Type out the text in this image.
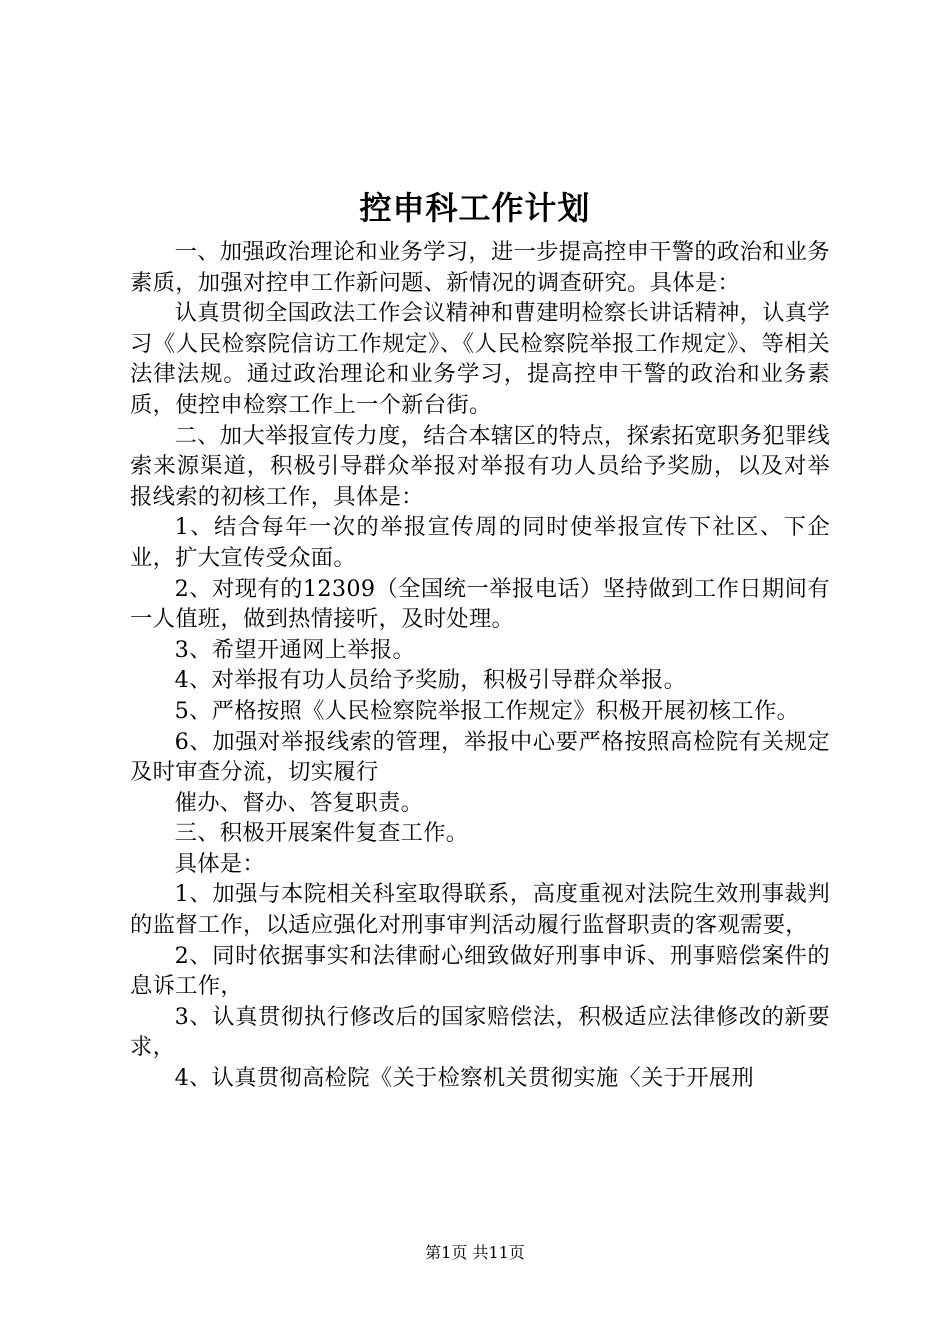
控申科工作计划

一、加强政治理论和业务学习，进一步提高控申干警的政治和业务素质，加强对控申工作新问题、新情况的调查研究。具体是：

认真贯彻全国政法工作会议精神和曹建明检察长讲话精神，认真学习《人民检察院信访工作规定》、《人民检察院举报工作规定》、等相关法律法规。通过政治理论和业务学习，提高控申干警的政治和业务素质，使控申检察工作上一个新台街。

二、加大举报宣传力度，结合本辖区的特点，探索拓宽职务犯罪线索来源渠道，积极引导群众举报对举报有功人员给予奖励，以及对举报线索的初核工作，具体是：

1、结合每年一次的举报宣传周的同时使举报宣传下社区、下企业，扩大宣传受众面。

2、对现有的12309（全国统一举报电话）坚持做到工作日期间有一人值班，做到热情接听，及时处理。

3、希望开通网上举报。

4、对举报有功人员给予奖励，积极引导群众举报。

5、严格按照《人民检察院举报工作规定》积极开展初核工作。

6、加强对举报线索的管理，举报中心要严格按照高检院有关规定及时审查分流，切实履行

催办、督办、答复职责。

三、积极开展案件复查工作。

具体是：

1、加强与本院相关科室取得联系，高度重视对法院生效刑事裁判的监督工作，以适应强化对刑事审判活动履行监督职责的客观需要，

2、同时依据事实和法律耐心细致做好刑事申诉、刑事赔偿案件的息诉工作，

3、认真贯彻执行修改后的国家赔偿法，积极适应法律修改的新要求，

4、认真贯彻高检院《关于检察机关贯彻实施〈关于开展刑

第1页 共11页
